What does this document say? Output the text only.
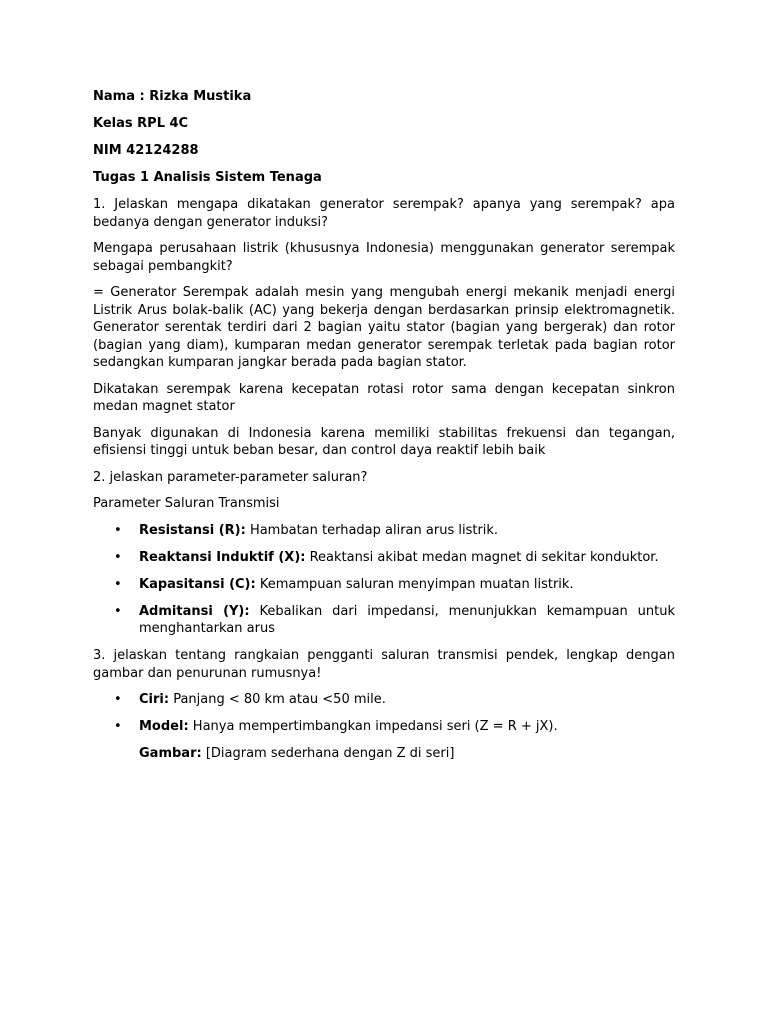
Nama : Rizka Mustika
Kelas RPL 4C
NIM 42124288
Tugas 1 Analisis Sistem Tenaga
1. Jelaskan mengapa dikatakan generator serempak? apanya yang serempak? apa bedanya dengan generator induksi?
Mengapa perusahaan listrik (khususnya Indonesia) menggunakan generator serempak sebagai pembangkit?
= Generator Serempak adalah mesin yang mengubah energi mekanik menjadi energi Listrik Arus bolak-balik (AC) yang bekerja dengan berdasarkan prinsip elektromagnetik. Generator serentak terdiri dari 2 bagian yaitu stator (bagian yang bergerak) dan rotor (bagian yang diam), kumparan medan generator serempak terletak pada bagian rotor sedangkan kumparan jangkar berada pada bagian stator.
Dikatakan serempak karena kecepatan rotasi rotor sama dengan kecepatan sinkron medan magnet stator
Banyak digunakan di Indonesia karena memiliki stabilitas frekuensi dan tegangan, efisiensi tinggi untuk beban besar, dan control daya reaktif lebih baik
2. jelaskan parameter-parameter saluran?
Parameter Saluran Transmisi
•	Resistansi (R): Hambatan terhadap aliran arus listrik.
•	Reaktansi Induktif (X): Reaktansi akibat medan magnet di sekitar konduktor.
•	Kapasitansi (C): Kemampuan saluran menyimpan muatan listrik.
•	Admitansi (Y): Kebalikan dari impedansi, menunjukkan kemampuan untuk menghantarkan arus
3. jelaskan tentang rangkaian pengganti saluran transmisi pendek, lengkap dengan gambar dan penurunan rumusnya!
•	Ciri: Panjang < 80 km atau <50 mile.
•	Model: Hanya mempertimbangkan impedansi seri (Z = R + jX).
Gambar: [Diagram sederhana dengan Z di seri]
